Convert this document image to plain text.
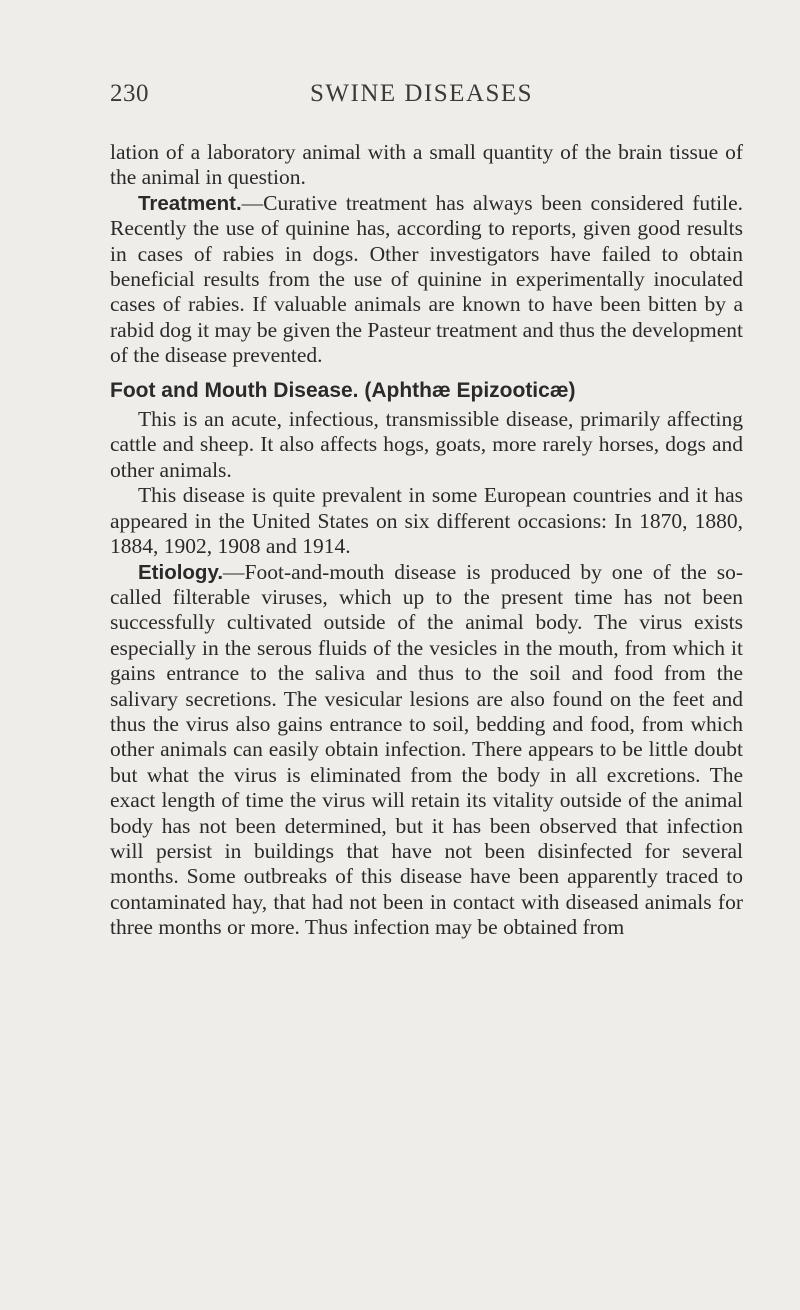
230	SWINE DISEASES

lation of a laboratory animal with a small quantity of the brain tissue of the animal in question.

Treatment.—Curative treatment has always been considered futile. Recently the use of quinine has, according to reports, given good results in cases of rabies in dogs. Other investigators have failed to obtain beneficial results from the use of quinine in experimentally inoculated cases of rabies. If valuable animals are known to have been bitten by a rabid dog it may be given the Pasteur treatment and thus the development of the disease prevented.

Foot and Mouth Disease. (Aphthæ Epizooticæ)

This is an acute, infectious, transmissible disease, primarily affecting cattle and sheep. It also affects hogs, goats, more rarely horses, dogs and other animals.

This disease is quite prevalent in some European countries and it has appeared in the United States on six different occasions: In 1870, 1880, 1884, 1902, 1908 and 1914.

Etiology.—Foot-and-mouth disease is produced by one of the so-called filterable viruses, which up to the present time has not been successfully cultivated outside of the animal body. The virus exists especially in the serous fluids of the vesicles in the mouth, from which it gains entrance to the saliva and thus to the soil and food from the salivary secretions. The vesicular lesions are also found on the feet and thus the virus also gains entrance to soil, bedding and food, from which other animals can easily obtain infection. There appears to be little doubt but what the virus is eliminated from the body in all excretions. The exact length of time the virus will retain its vitality outside of the animal body has not been determined, but it has been observed that infection will persist in buildings that have not been disinfected for several months. Some outbreaks of this disease have been apparently traced to contaminated hay, that had not been in contact with diseased animals for three months or more. Thus infection may be obtained from
